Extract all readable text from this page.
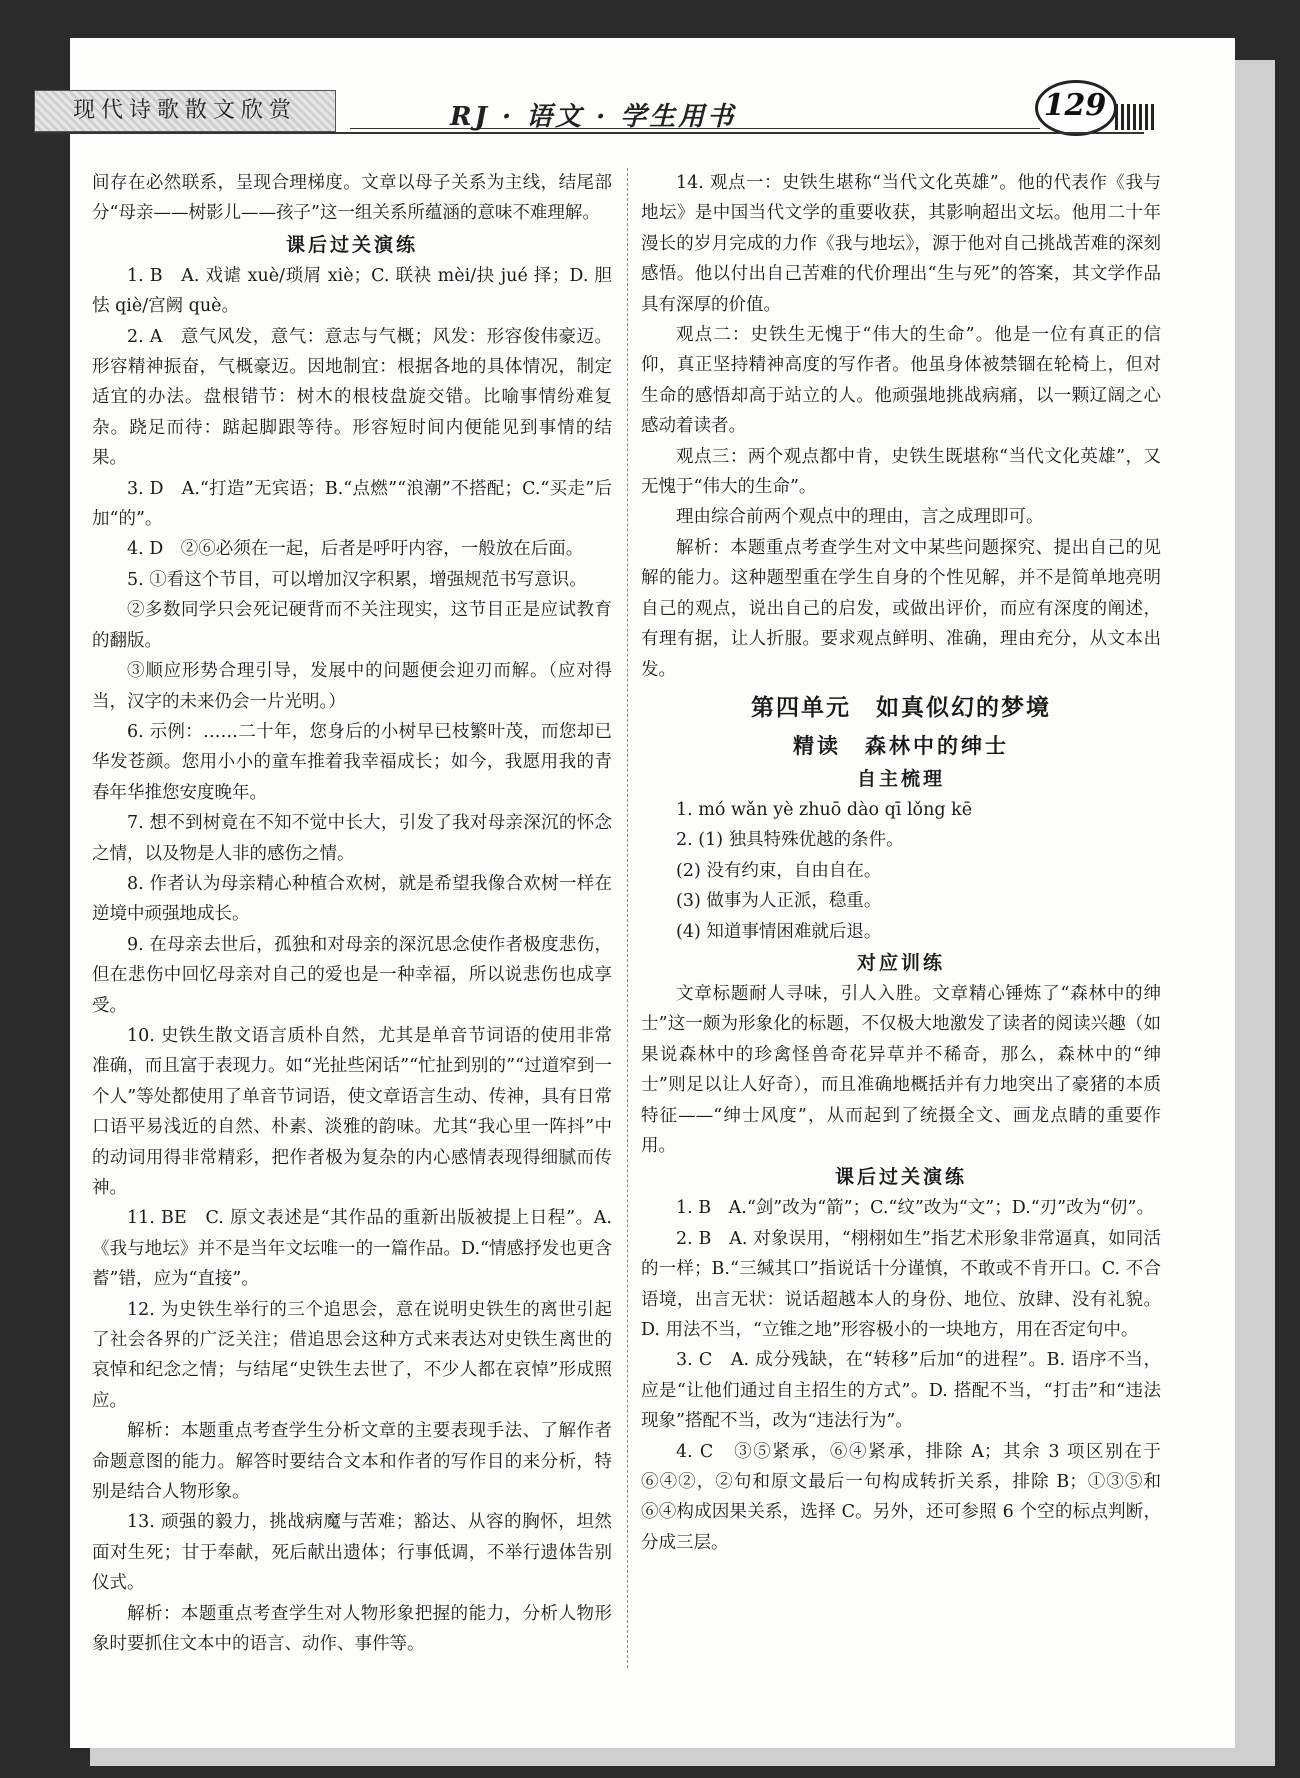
现代诗歌散文欣赏	RJ · 语文 · 学生用书	129

间存在必然联系，呈现合理梯度。文章以母子关系为主线，结尾部分“母亲——树影儿——孩子”这一组关系所蕴涵的意味不难理解。

课后过关演练

1. B　A. 戏谑 xuè/琐屑 xiè；C. 联袂 mèi/抉 jué 择；D. 胆怯 qiè/宫阙 què。

2. A　意气风发，意气：意志与气概；风发：形容俊伟豪迈。形容精神振奋，气概豪迈。因地制宜：根据各地的具体情况，制定适宜的办法。盘根错节：树木的根枝盘旋交错。比喻事情纷难复杂。跷足而待：踮起脚跟等待。形容短时间内便能见到事情的结果。

3. D　A.“打造”无宾语；B.“点燃”“浪潮”不搭配；C.“买走”后加“的”。

4. D　②⑥必须在一起，后者是呼吁内容，一般放在后面。

5. ①看这个节目，可以增加汉字积累，增强规范书写意识。

②多数同学只会死记硬背而不关注现实，这节目正是应试教育的翻版。

③顺应形势合理引导，发展中的问题便会迎刃而解。（应对得当，汉字的未来仍会一片光明。）

6. 示例：……二十年，您身后的小树早已枝繁叶茂，而您却已华发苍颜。您用小小的童车推着我幸福成长；如今，我愿用我的青春年华推您安度晚年。

7. 想不到树竟在不知不觉中长大，引发了我对母亲深沉的怀念之情，以及物是人非的感伤之情。

8. 作者认为母亲精心种植合欢树，就是希望我像合欢树一样在逆境中顽强地成长。

9. 在母亲去世后，孤独和对母亲的深沉思念使作者极度悲伤，但在悲伤中回忆母亲对自己的爱也是一种幸福，所以说悲伤也成享受。

10. 史铁生散文语言质朴自然，尤其是单音节词语的使用非常准确，而且富于表现力。如“光扯些闲话”“忙扯到别的”“过道窄到一个人”等处都使用了单音节词语，使文章语言生动、传神，具有日常口语平易浅近的自然、朴素、淡雅的韵味。尤其“我心里一阵抖”中的动词用得非常精彩，把作者极为复杂的内心感情表现得细腻而传神。

11. BE　C. 原文表述是“其作品的重新出版被提上日程”。A.《我与地坛》并不是当年文坛唯一的一篇作品。D.“情感抒发也更含蓄”错，应为“直接”。

12. 为史铁生举行的三个追思会，意在说明史铁生的离世引起了社会各界的广泛关注；借追思会这种方式来表达对史铁生离世的哀悼和纪念之情；与结尾“史铁生去世了，不少人都在哀悼”形成照应。

解析：本题重点考查学生分析文章的主要表现手法、了解作者命题意图的能力。解答时要结合文本和作者的写作目的来分析，特别是结合人物形象。

13. 顽强的毅力，挑战病魔与苦难；豁达、从容的胸怀，坦然面对生死；甘于奉献，死后献出遗体；行事低调，不举行遗体告别仪式。

解析：本题重点考查学生对人物形象把握的能力，分析人物形象时要抓住文本中的语言、动作、事件等。

14. 观点一：史铁生堪称“当代文化英雄”。他的代表作《我与地坛》是中国当代文学的重要收获，其影响超出文坛。他用二十年漫长的岁月完成的力作《我与地坛》，源于他对自己挑战苦难的深刻感悟。他以付出自己苦难的代价理出“生与死”的答案，其文学作品具有深厚的价值。

观点二：史铁生无愧于“伟大的生命”。他是一位有真正的信仰，真正坚持精神高度的写作者。他虽身体被禁锢在轮椅上，但对生命的感悟却高于站立的人。他顽强地挑战病痛，以一颗辽阔之心感动着读者。

观点三：两个观点都中肯，史铁生既堪称“当代文化英雄”，又无愧于“伟大的生命”。

理由综合前两个观点中的理由，言之成理即可。

解析：本题重点考查学生对文中某些问题探究、提出自己的见解的能力。这种题型重在学生自身的个性见解，并不是简单地亮明自己的观点，说出自己的启发，或做出评价，而应有深度的阐述，有理有据，让人折服。要求观点鲜明、准确，理由充分，从文本出发。

第四单元　如真似幻的梦境
精读　森林中的绅士
自主梳理

1. mó wǎn yè zhuō dào qī lǒng kē

2. (1) 独具特殊优越的条件。

(2) 没有约束，自由自在。

(3) 做事为人正派，稳重。

(4) 知道事情困难就后退。

对应训练

文章标题耐人寻味，引人入胜。文章精心锤炼了“森林中的绅士”这一颇为形象化的标题，不仅极大地激发了读者的阅读兴趣（如果说森林中的珍禽怪兽奇花异草并不稀奇，那么，森林中的“绅士”则足以让人好奇），而且准确地概括并有力地突出了豪猪的本质特征——“绅士风度”，从而起到了统摄全文、画龙点睛的重要作用。

课后过关演练

1. B　A.“剑”改为“箭”；C.“纹”改为“文”；D.“刃”改为“仞”。

2. B　A. 对象误用，“栩栩如生”指艺术形象非常逼真，如同活的一样；B.“三缄其口”指说话十分谨慎，不敢或不肯开口。C. 不合语境，出言无状：说话超越本人的身份、地位、放肆、没有礼貌。D. 用法不当，“立锥之地”形容极小的一块地方，用在否定句中。

3. C　A. 成分残缺，在“转移”后加“的进程”。B. 语序不当，应是“让他们通过自主招生的方式”。D. 搭配不当，“打击”和“违法现象”搭配不当，改为“违法行为”。

4. C　③⑤紧承，⑥④紧承，排除 A；其余 3 项区别在于⑥④②，②句和原文最后一句构成转折关系，排除 B；①③⑤和⑥④构成因果关系，选择 C。另外，还可参照 6 个空的标点判断，分成三层。
